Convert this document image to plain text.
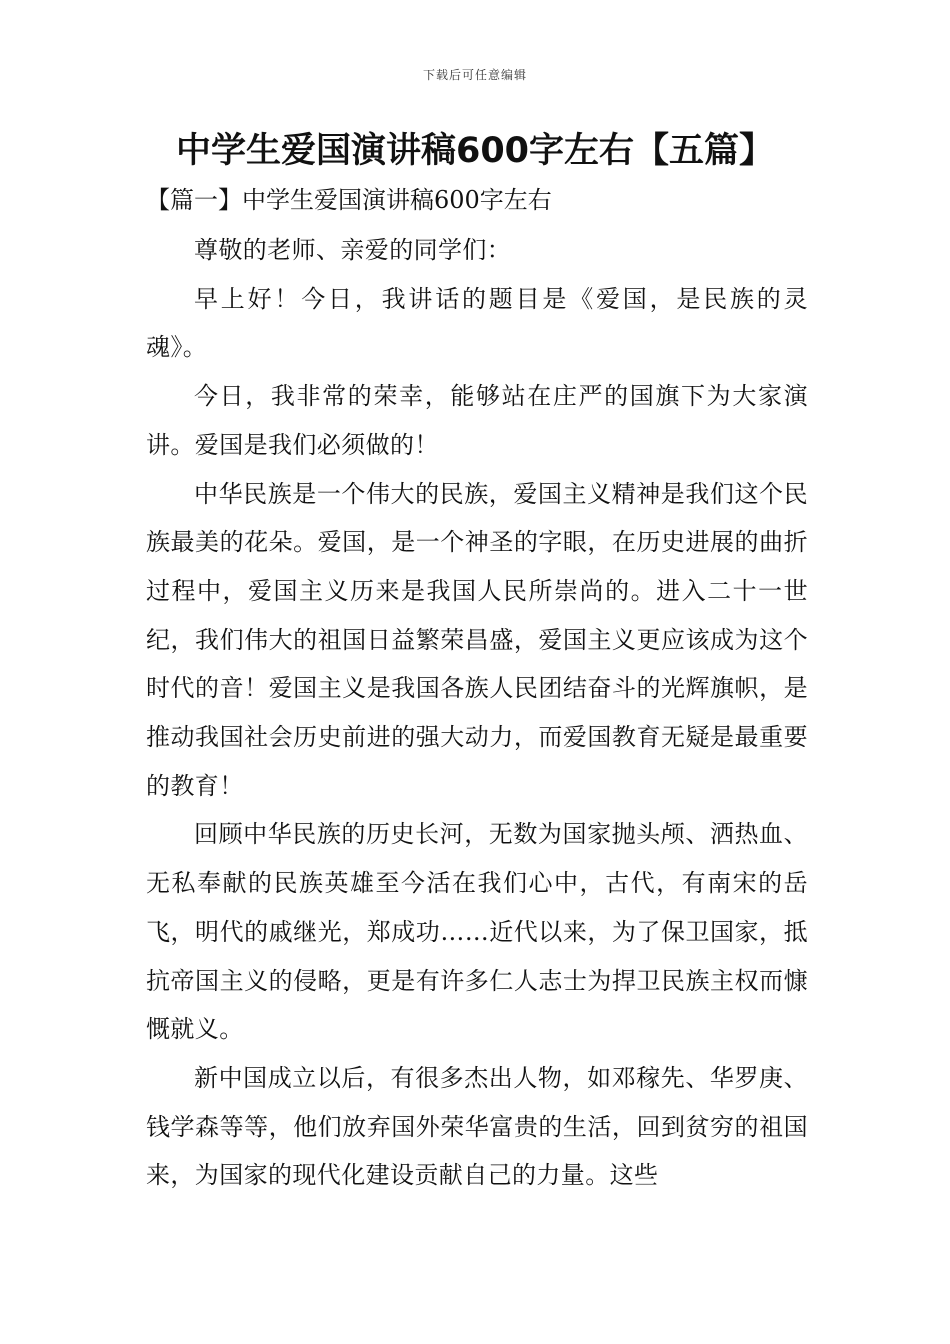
下载后可任意编辑
中学生爱国演讲稿600字左右【五篇】
【篇一】中学生爱国演讲稿600字左右

尊敬的老师、亲爱的同学们：

早上好！今日，我讲话的题目是《爱国，是民族的灵魂》。

今日，我非常的荣幸，能够站在庄严的国旗下为大家演讲。爱国是我们必须做的！

中华民族是一个伟大的民族，爱国主义精神是我们这个民族最美的花朵。爱国，是一个神圣的字眼，在历史进展的曲折过程中，爱国主义历来是我国人民所崇尚的。进入二十一世纪，我们伟大的祖国日益繁荣昌盛，爱国主义更应该成为这个时代的音！爱国主义是我国各族人民团结奋斗的光辉旗帜，是推动我国社会历史前进的强大动力，而爱国教育无疑是最重要的教育！

回顾中华民族的历史长河，无数为国家抛头颅、洒热血、无私奉献的民族英雄至今活在我们心中，古代，有南宋的岳飞，明代的戚继光，郑成功……近代以来，为了保卫国家，抵抗帝国主义的侵略，更是有许多仁人志士为捍卫民族主权而慷慨就义。

新中国成立以后，有很多杰出人物，如邓稼先、华罗庚、钱学森等等，他们放弃国外荣华富贵的生活，回到贫穷的祖国来，为国家的现代化建设贡献自己的力量。这些
